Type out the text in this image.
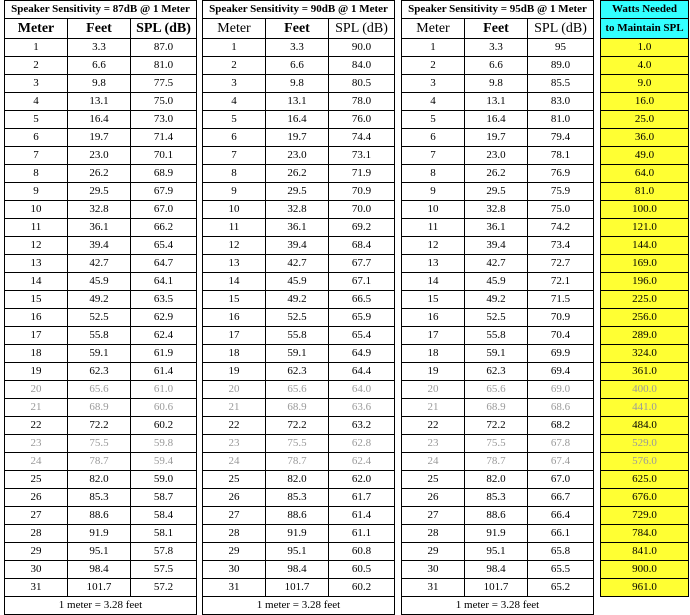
Speaker Sensitivity = 87dB @ 1 Meter		
Meter	Feet	SPL (dB)
1	3.3	87.0
2	6.6	81.0
3	9.8	77.5
4	13.1	75.0
5	16.4	73.0
6	19.7	71.4
7	23.0	70.1
8	26.2	68.9
9	29.5	67.9
10	32.8	67.0
11	36.1	66.2
12	39.4	65.4
13	42.7	64.7
14	45.9	64.1
15	49.2	63.5
16	52.5	62.9
17	55.8	62.4
18	59.1	61.9
19	62.3	61.4
20	65.6	61.0
21	68.9	60.6
22	72.2	60.2
23	75.5	59.8
24	78.7	59.4
25	82.0	59.0
26	85.3	58.7
27	88.6	58.4
28	91.9	58.1
29	95.1	57.8
30	98.4	57.5
31	101.7	57.2
1 meter = 3.28 feet		
Speaker Sensitivity = 90dB @ 1 Meter		
Meter	Feet	SPL (dB)
1	3.3	90.0
2	6.6	84.0
3	9.8	80.5
4	13.1	78.0
5	16.4	76.0
6	19.7	74.4
7	23.0	73.1
8	26.2	71.9
9	29.5	70.9
10	32.8	70.0
11	36.1	69.2
12	39.4	68.4
13	42.7	67.7
14	45.9	67.1
15	49.2	66.5
16	52.5	65.9
17	55.8	65.4
18	59.1	64.9
19	62.3	64.4
20	65.6	64.0
21	68.9	63.6
22	72.2	63.2
23	75.5	62.8
24	78.7	62.4
25	82.0	62.0
26	85.3	61.7
27	88.6	61.4
28	91.9	61.1
29	95.1	60.8
30	98.4	60.5
31	101.7	60.2
1 meter = 3.28 feet		
Speaker Sensitivity = 95dB @ 1 Meter		
Meter	Feet	SPL (dB)
1	3.3	95
2	6.6	89.0
3	9.8	85.5
4	13.1	83.0
5	16.4	81.0
6	19.7	79.4
7	23.0	78.1
8	26.2	76.9
9	29.5	75.9
10	32.8	75.0
11	36.1	74.2
12	39.4	73.4
13	42.7	72.7
14	45.9	72.1
15	49.2	71.5
16	52.5	70.9
17	55.8	70.4
18	59.1	69.9
19	62.3	69.4
20	65.6	69.0
21	68.9	68.6
22	72.2	68.2
23	75.5	67.8
24	78.7	67.4
25	82.0	67.0
26	85.3	66.7
27	88.6	66.4
28	91.9	66.1
29	95.1	65.8
30	98.4	65.5
31	101.7	65.2
1 meter = 3.28 feet		
Watts Needed
to Maintain SPL
1.0
4.0
9.0
16.0
25.0
36.0
49.0
64.0
81.0
100.0
121.0
144.0
169.0
196.0
225.0
256.0
289.0
324.0
361.0
400.0
441.0
484.0
529.0
576.0
625.0
676.0
729.0
784.0
841.0
900.0
961.0
